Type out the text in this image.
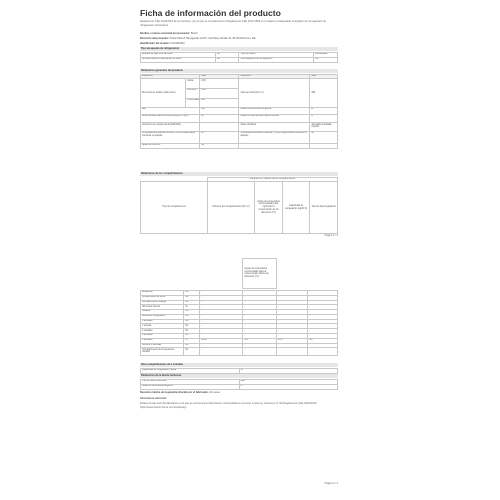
Ficha de información del producto
Reglamento (UE) 2019/2016 de la Comisión, por el que se complementa el Reglamento (UE) 2017/1369 en lo relativo al etiquetado energético de los aparatos de refrigeración domésticos
Nombre o marca comercial del proveedor: Bosch
Dirección del proveedor: Robert Bosch Hausgeräte GmbH, Carl-Wery-Straße 34, 81739 München, DE
Identificador del modelo: KGN39VIEQ
Tipo de aparato de refrigeración
Aparato de bajo nivel de ruido	No	Tipo de diseño	Encastrable
Armario para la conservación de vinos	No	Otros aparatos de refrigeración	No
Parámetros generales del producto
Parámetro		Valor	Parámetro	Valor
Dimensiones totales (milímetros)	Altura	2.03	Volumen total (dm³ o l)	363
	Anchura	0.60		
	Profundidad	665		
IEE		106	Clase de eficiencia energética	E
Ruido acústico aéreo emitido (dB(A) re 1 pW)		38	Clase de ruido acústico aéreo emitido	B
Consumo de energía anual (kWh/año)			Clase climática	Templada ampliada, tropical
Temperatura ambiente mínima (°C) en la que puede funcionar el aparato		10	Temperatura ambiente máxima (°C) en la que puede funcionar el aparato	43
Ajuste de invierno		No		
Parámetros de los compartimentos
	Parámetros y valores de los compartimentos			
Tipo de compartimento	Volumen del compartimento (dm³ o l)	Ajuste de temperatura recomendado para optimizar la conservación de los alimentos (°C)	Capacidad de congelación (kg/24 h)	Tipo de descongelación
Página 1 / 2
			Ajuste de temperatura recomendado para la conservación óptima de alimentos (°C)		
Despensa	No	-	-	-	-
Conservación de vinos	No	-	-	-	-
Compartimento bodega	No	-	-	-	-
Alimentos frescos	Sí	-	-	-	-
Helados	No	-	-	-	-
Alimentos refrigerados	No	-	-	-	-
0 estrellas	No	-	-	-	-
1 estrella	No	-	-	-	-
2 estrellas	No	-	-	-	-
3 estrellas	No	-	-	-	-
4 estrellas	Sí	102,0	-18	13,0	No
Sección 2 estrellas	No	-	-	-	-
Compartimento de temperatura variable	No	-	-	-	-
Para compartimentos de 4 estrellas
Capacidad de congelación rápida	Sí
Parámetros de la fuente luminosa
Tipo de fuente luminosa	LED
Clase de eficiencia energética	G
Duración mínima de la garantía ofrecida por el fabricante: 24 meses
Información adicional:
Enlace al sitio web del fabricante en el que se encuentra la información contemplada en el punto 4, letra a), del anexo IV del Reglamento (UE) 2019/2019: https://www.bosch-home.com/ecodesign
Página 2 / 2
